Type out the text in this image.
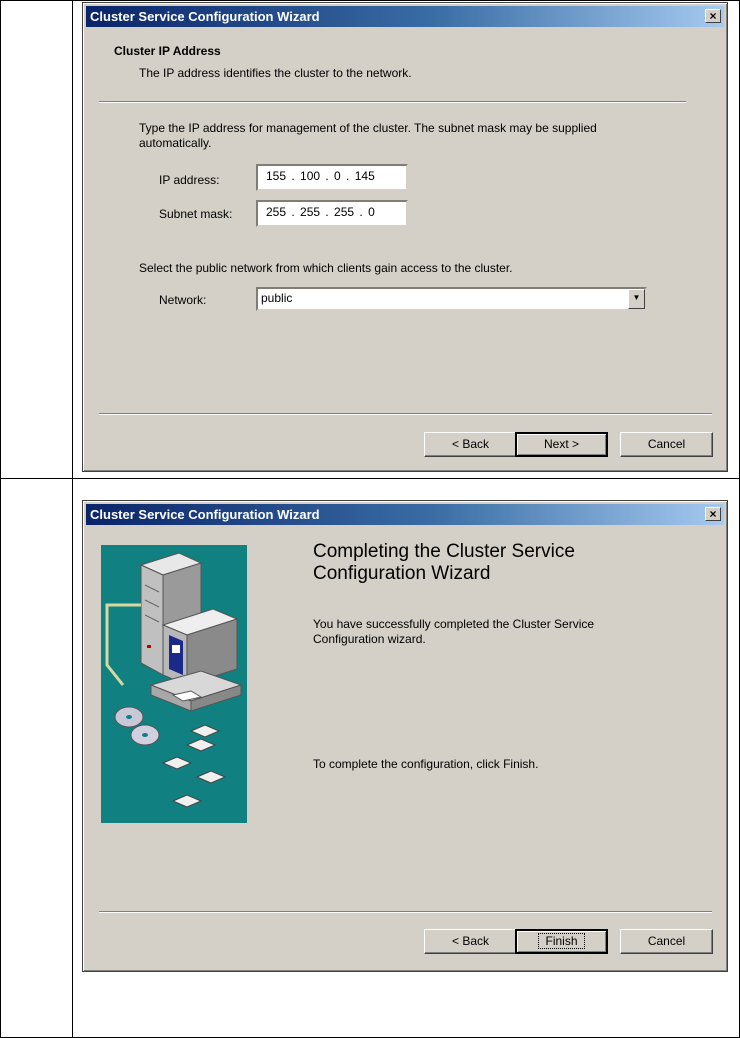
Cluster Service Configuration Wizard	×
Cluster IP Address
The IP address identifies the cluster to the network.
Type the IP address for management of the cluster. The subnet mask may be supplied automatically.
IP address:	155 . 100 . 0 . 145
Subnet mask:	255 . 255 . 255 . 0
Select the public network from which clients gain access to the cluster.
Network:	public	▼
< Back	Next >	Cancel
Cluster Service Configuration Wizard	×
Completing the Cluster Service Configuration Wizard
You have successfully completed the Cluster Service Configuration wizard.
To complete the configuration, click Finish.
< Back	Finish	Cancel
